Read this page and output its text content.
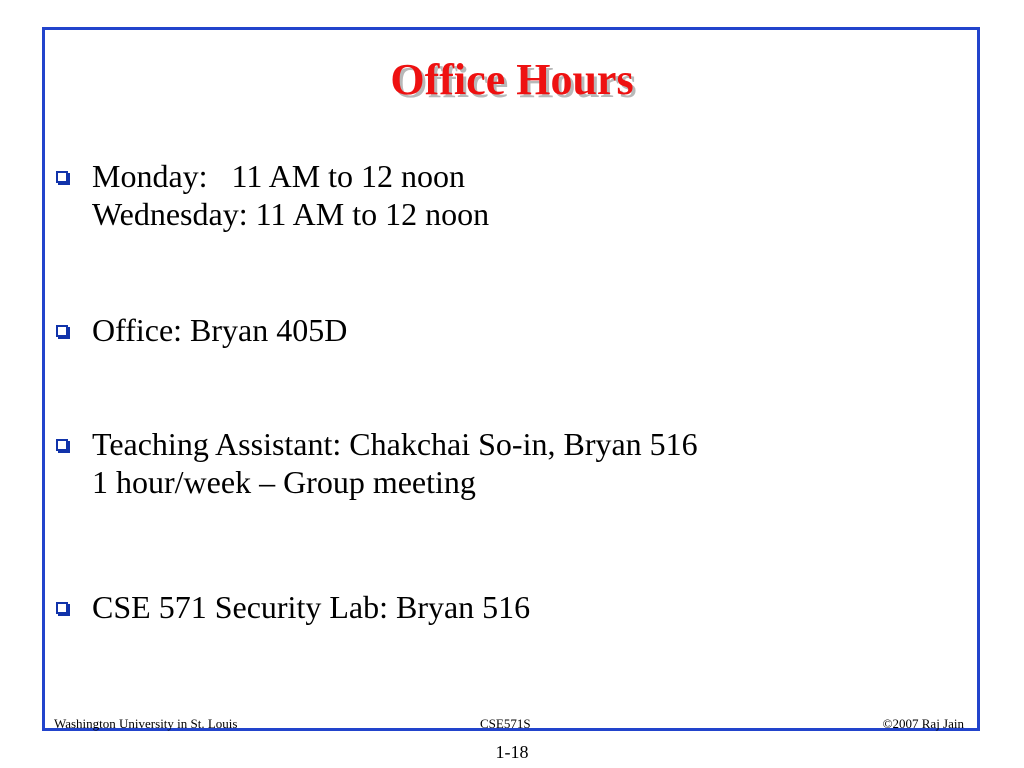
Office Hours
Monday:   11 AM to 12 noon
Wednesday: 11 AM to 12 noon
Office: Bryan 405D
Teaching Assistant: Chakchai So-in, Bryan 516
1 hour/week – Group meeting
CSE 571 Security Lab: Bryan 516
Washington University in St. Louis	CSE571S	©2007 Raj Jain
1-18
